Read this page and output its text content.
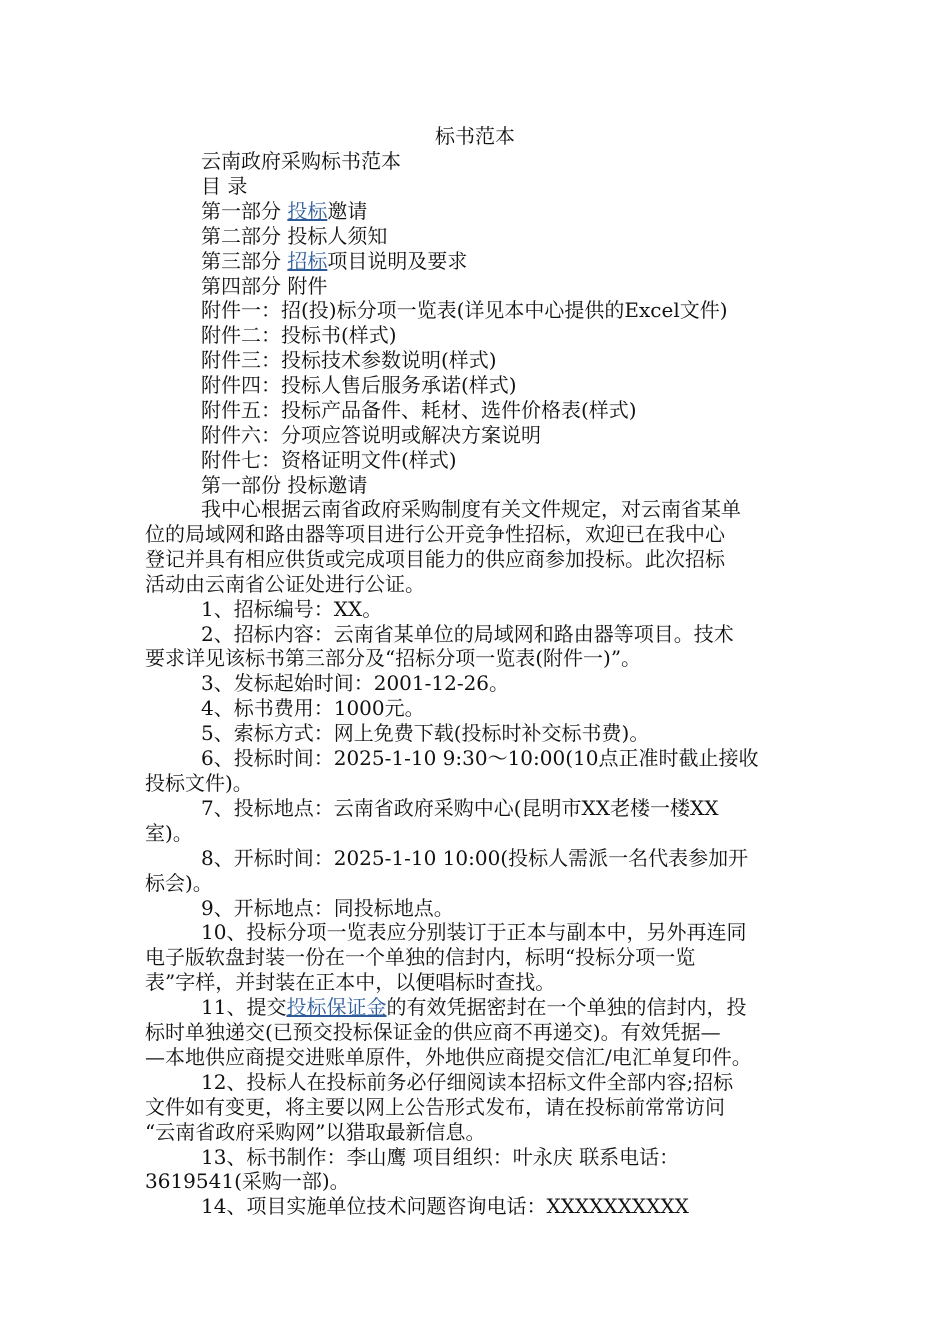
标书范本
云南政府采购标书范本
目 录
第一部分 投标邀请
第二部分 投标人须知
第三部分 招标项目说明及要求
第四部分 附件
附件一：招(投)标分项一览表(详见本中心提供的Excel文件)
附件二：投标书(样式)
附件三：投标技术参数说明(样式)
附件四：投标人售后服务承诺(样式)
附件五：投标产品备件、耗材、选件价格表(样式)
附件六：分项应答说明或解决方案说明
附件七：资格证明文件(样式)
第一部份 投标邀请

我中心根据云南省政府采购制度有关文件规定，对云南省某单
位的局域网和路由器等项目进行公开竞争性招标，欢迎已在我中心
登记并具有相应供货或完成项目能力的供应商参加投标。此次招标
活动由云南省公证处进行公证。

1、招标编号：XX。

2、招标内容：云南省某单位的局域网和路由器等项目。技术
要求详见该标书第三部分及“招标分项一览表(附件一)”。

3、发标起始时间：2001-12-26。

4、标书费用：1000元。

5、索标方式：网上免费下载(投标时补交标书费)。

6、投标时间：2025-1-10 9:30～10:00(10点正准时截止接收
投标文件)。

7、投标地点：云南省政府采购中心(昆明市XX老楼一楼XX
室)。

8、开标时间：2025-1-10 10:00(投标人需派一名代表参加开
标会)。

9、开标地点：同投标地点。

10、投标分项一览表应分别装订于正本与副本中，另外再连同
电子版软盘封装一份在一个单独的信封内，标明“投标分项一览
表”字样，并封装在正本中，以便唱标时查找。

11、提交投标保证金的有效凭据密封在一个单独的信封内，投
标时单独递交(已预交投标保证金的供应商不再递交)。有效凭据—
—本地供应商提交进账单原件，外地供应商提交信汇/电汇单复印件。

12、投标人在投标前务必仔细阅读本招标文件全部内容;招标
文件如有变更，将主要以网上公告形式发布，请在投标前常常访问
“云南省政府采购网”以猎取最新信息。

13、标书制作：李山鹰 项目组织：叶永庆 联系电话：
3619541(采购一部)。

14、项目实施单位技术问题咨询电话：XXXXXXXXXX
